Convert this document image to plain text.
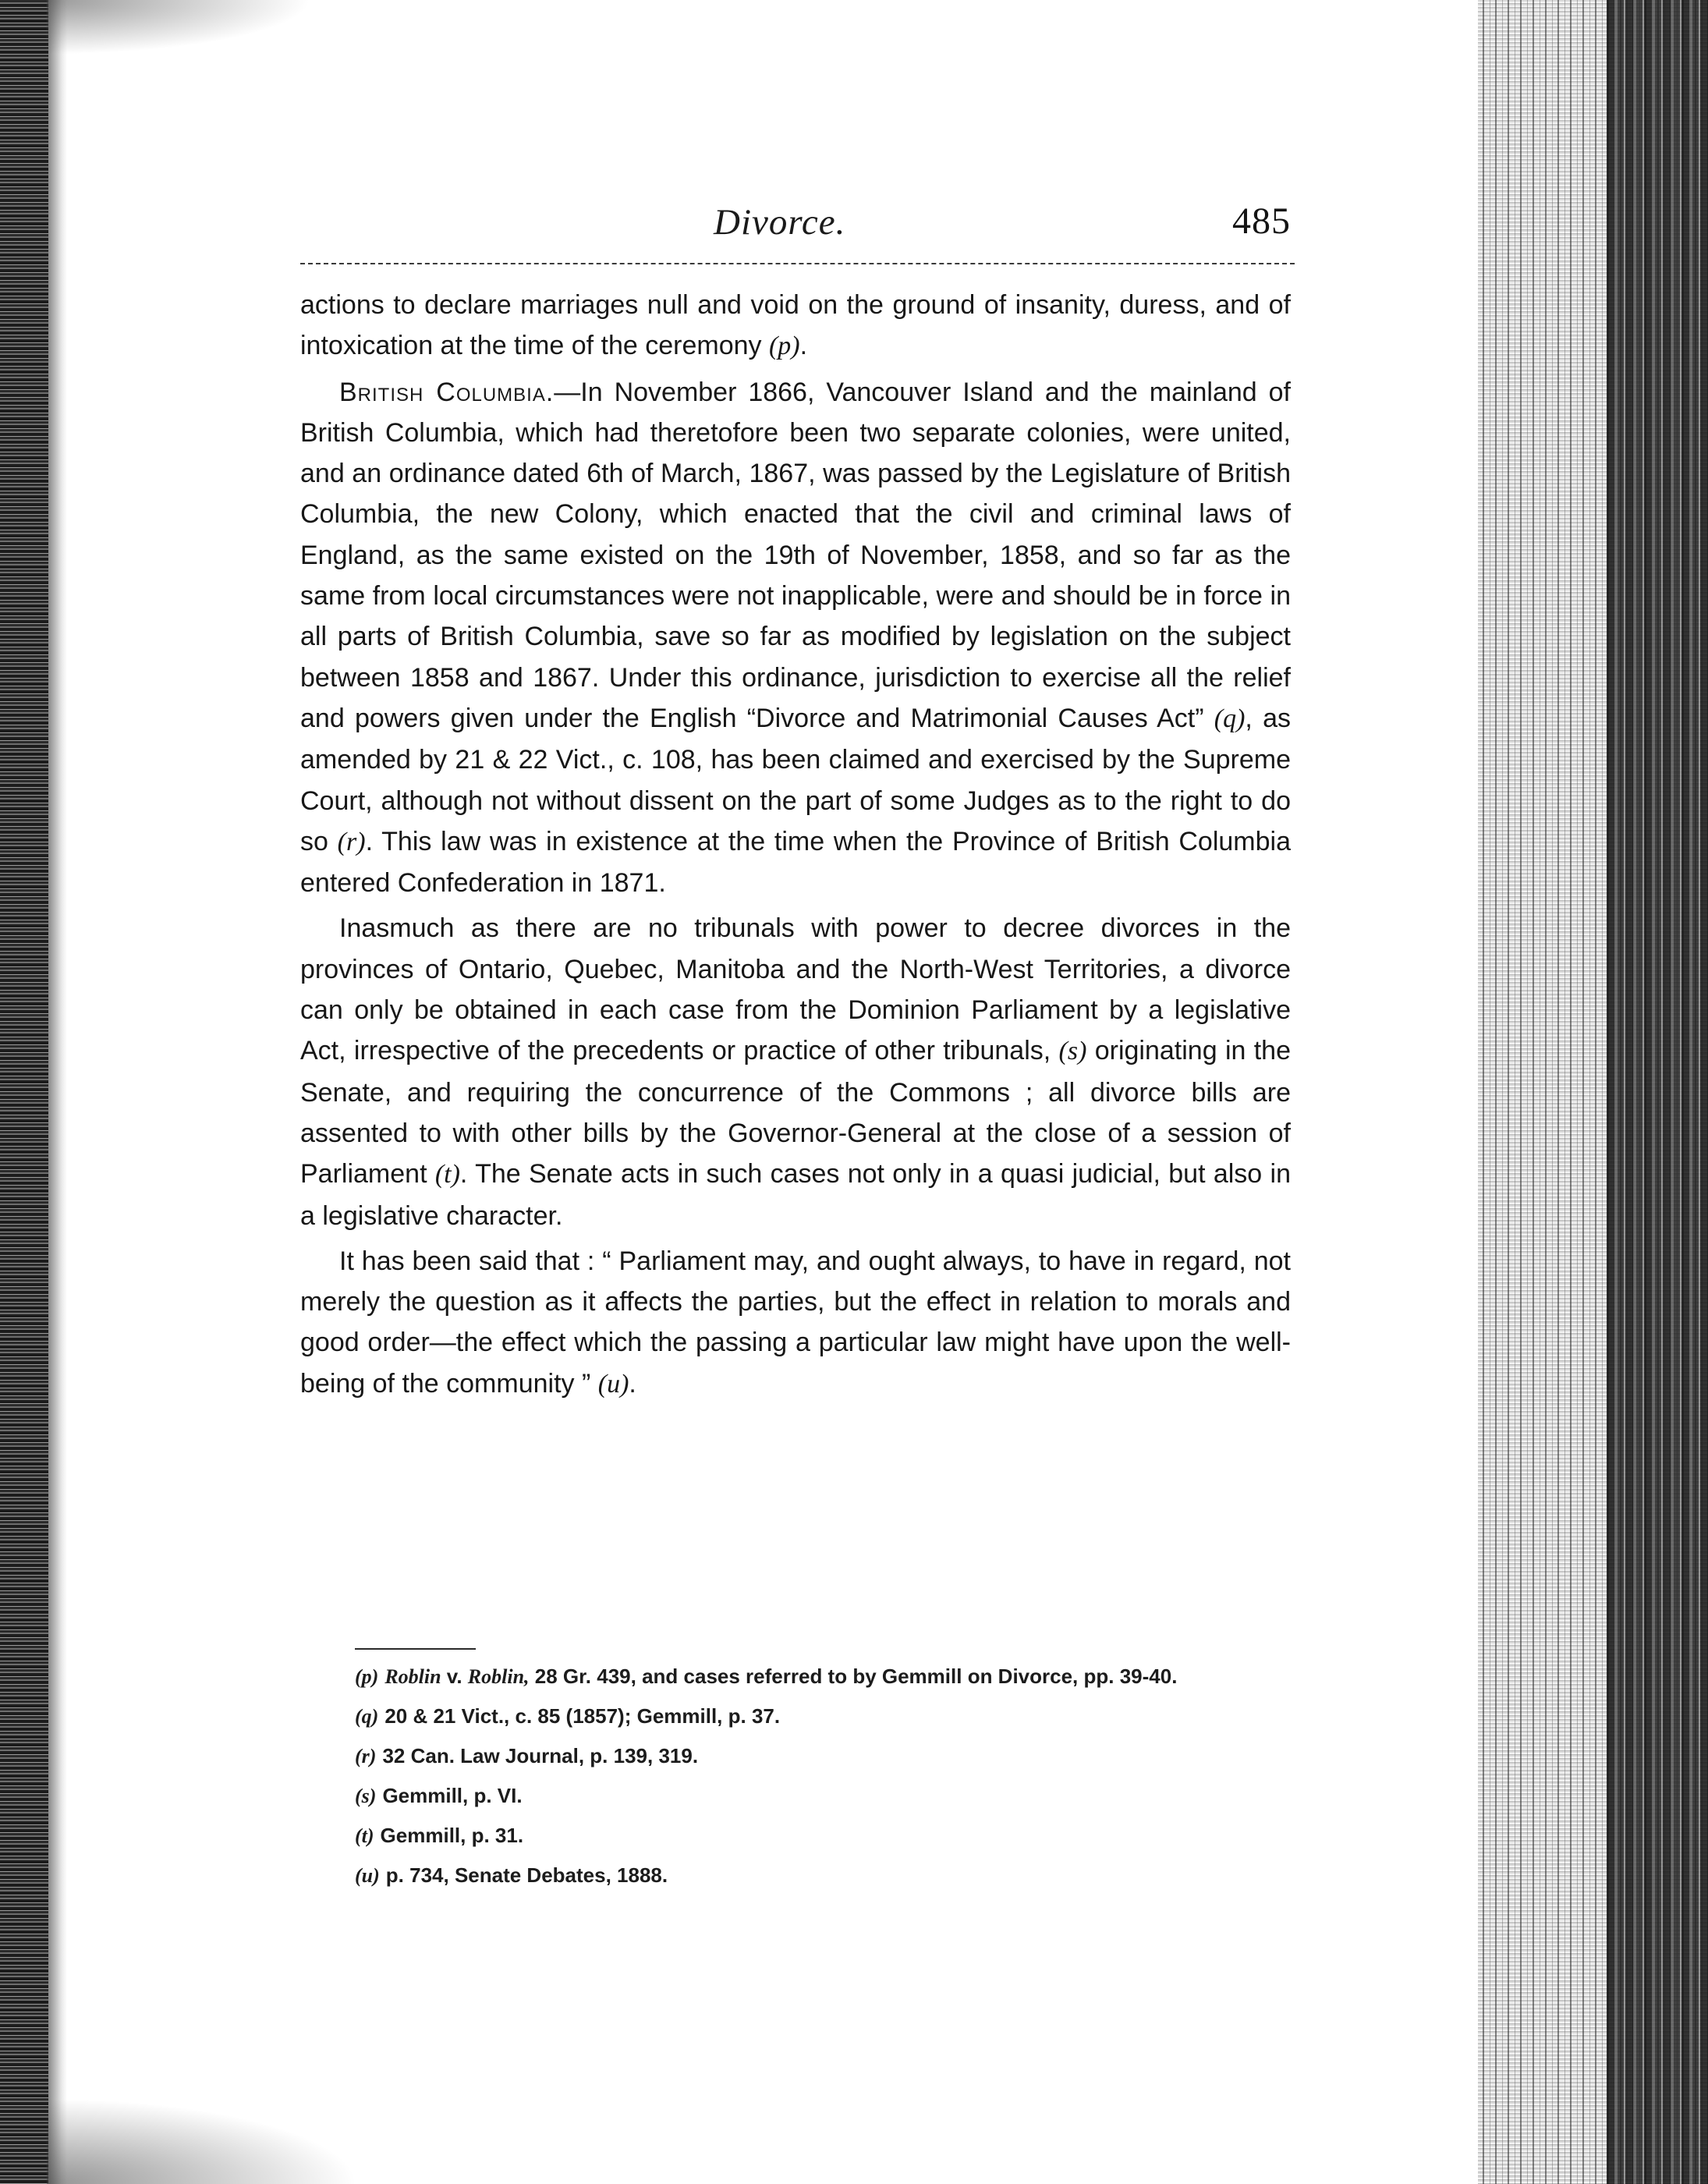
Divorce.	485

actions to declare marriages null and void on the ground of insanity, duress, and of intoxication at the time of the ceremony (p).

British Columbia.—In November 1866, Vancouver Island and the mainland of British Columbia, which had theretofore been two separate colonies, were united, and an ordinance dated 6th of March, 1867, was passed by the Legislature of British Columbia, the new Colony, which enacted that the civil and criminal laws of England, as the same existed on the 19th of November, 1858, and so far as the same from local circumstances were not inapplicable, were and should be in force in all parts of British Columbia, save so far as modified by legislation on the subject between 1858 and 1867. Under this ordinance, jurisdiction to exercise all the relief and powers given under the English “Divorce and Matrimonial Causes Act” (q), as amended by 21 & 22 Vict., c. 108, has been claimed and exercised by the Supreme Court, although not without dissent on the part of some Judges as to the right to do so (r). This law was in existence at the time when the Province of British Columbia entered Confederation in 1871.

Inasmuch as there are no tribunals with power to decree divorces in the provinces of Ontario, Quebec, Manitoba and the North-West Territories, a divorce can only be obtained in each case from the Dominion Parliament by a legislative Act, irrespective of the precedents or practice of other tribunals, (s) originating in the Senate, and requiring the concurrence of the Commons ; all divorce bills are assented to with other bills by the Governor-General at the close of a session of Parliament (t). The Senate acts in such cases not only in a quasi judicial, but also in a legislative character.

It has been said that : “ Parliament may, and ought always, to have in regard, not merely the question as it affects the parties, but the effect in relation to morals and good order—the effect which the passing a particular law might have upon the well-being of the community ” (u).

(p) Roblin v. Roblin, 28 Gr. 439, and cases referred to by Gemmill on Divorce, pp. 39-40.

(q) 20 & 21 Vict., c. 85 (1857); Gemmill, p. 37.

(r) 32 Can. Law Journal, p. 139, 319.

(s) Gemmill, p. VI.

(t) Gemmill, p. 31.

(u) p. 734, Senate Debates, 1888.
